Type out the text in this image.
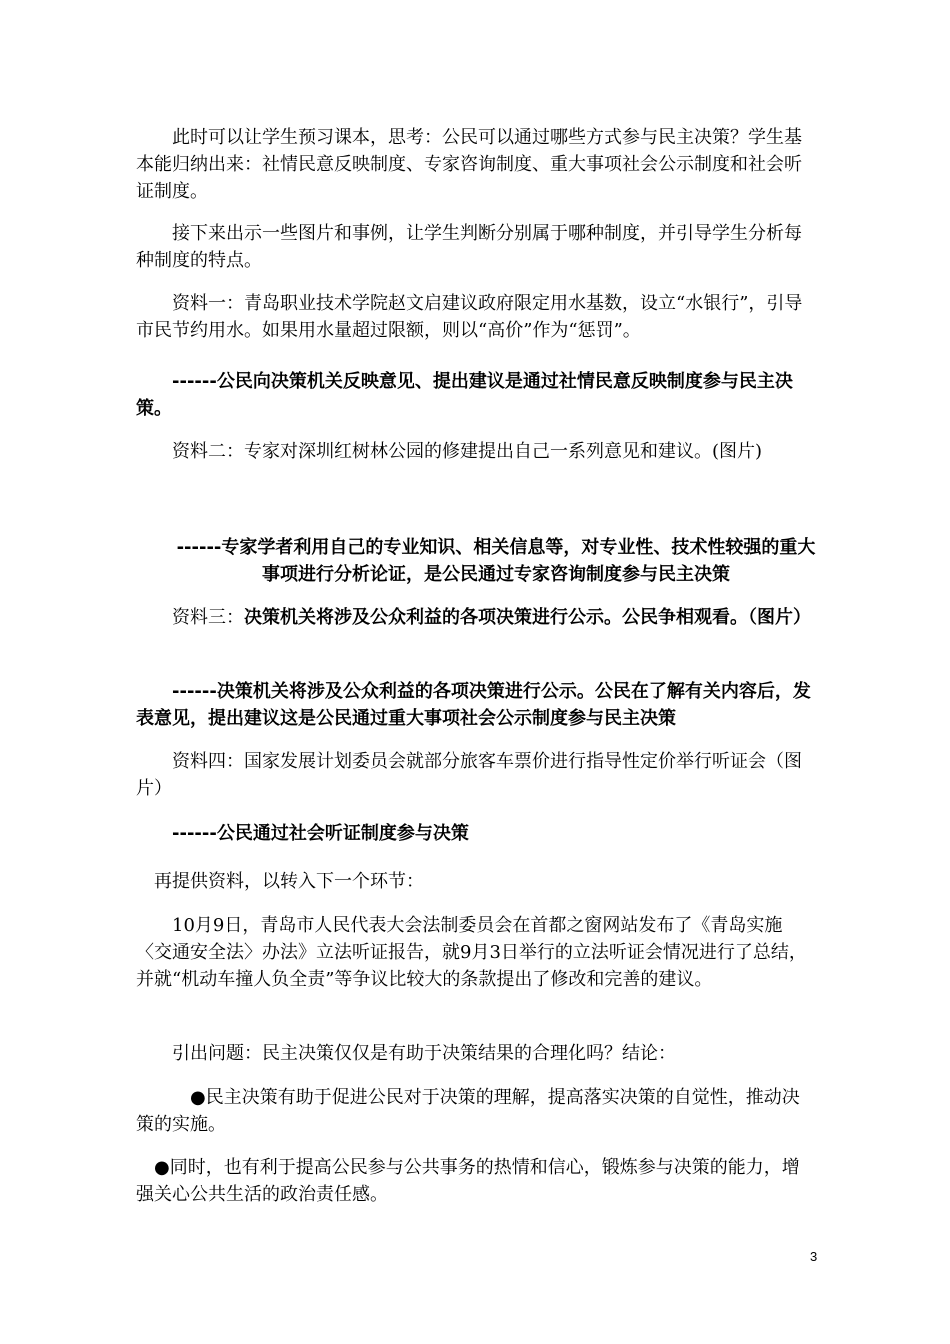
　　此时可以让学生预习课本，思考：公民可以通过哪些方式参与民主决策？学生基本能归纳出来：社情民意反映制度、专家咨询制度、重大事项社会公示制度和社会听证制度。

　　接下来出示一些图片和事例，让学生判断分别属于哪种制度，并引导学生分析每种制度的特点。

　　资料一：青岛职业技术学院赵文启建议政府限定用水基数，设立“水银行”，引导市民节约用水。如果用水量超过限额，则以“高价”作为“惩罚”。

　　------公民向决策机关反映意见、提出建议是通过社情民意反映制度参与民主决策。

　　资料二：专家对深圳红树林公园的修建提出自己一系列意见和建议。(图片)

------专家学者利用自己的专业知识、相关信息等，对专业性、技术性较强的重大事项进行分析论证，是公民通过专家咨询制度参与民主决策

　　资料三：决策机关将涉及公众利益的各项决策进行公示。公民争相观看。（图片）

　　------决策机关将涉及公众利益的各项决策进行公示。公民在了解有关内容后，发表意见，提出建议这是公民通过重大事项社会公示制度参与民主决策

　　资料四：国家发展计划委员会就部分旅客车票价进行指导性定价举行听证会（图片）

　　------公民通过社会听证制度参与决策

　再提供资料，以转入下一个环节：

　　10月9日，青岛市人民代表大会法制委员会在首都之窗网站发布了《青岛实施〈交通安全法〉办法》立法听证报告，就9月3日举行的立法听证会情况进行了总结，并就“机动车撞人负全责”等争议比较大的条款提出了修改和完善的建议。

　　引出问题：民主决策仅仅是有助于决策结果的合理化吗？结论：

　　　●民主决策有助于促进公民对于决策的理解，提高落实决策的自觉性，推动决策的实施。

　●同时，也有利于提高公民参与公共事务的热情和信心，锻炼参与决策的能力，增强关心公共生活的政治责任感。

3
